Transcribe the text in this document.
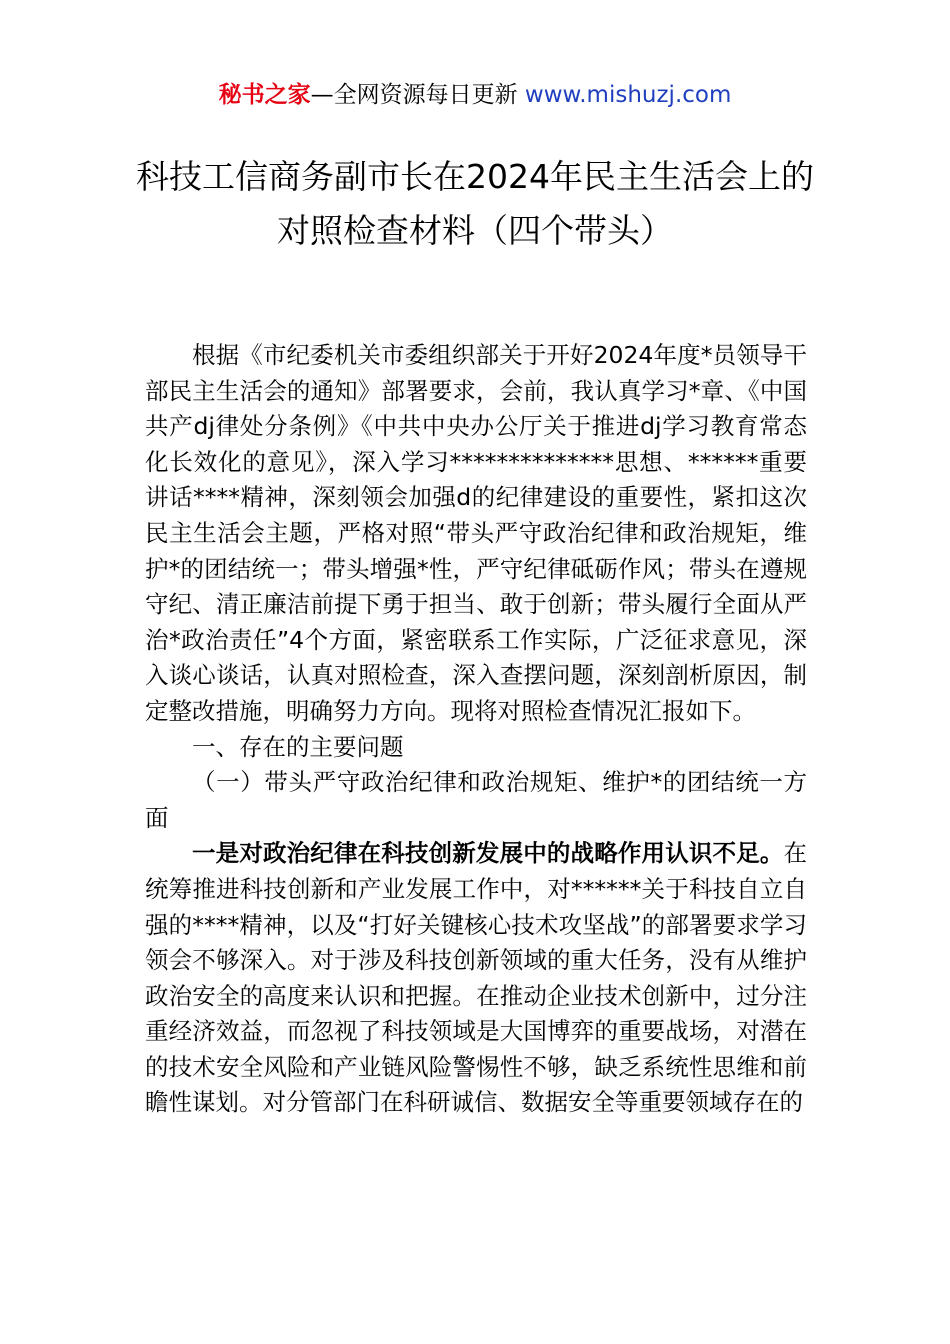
秘书之家—全网资源每日更新 www.mishuzj.com
科技工信商务副市长在2024年民主生活会上的对照检查材料（四个带头）

根据《市纪委机关市委组织部关于开好2024年度*员领导干部民主生活会的通知》部署要求，会前，我认真学习*章、《中国共产dj律处分条例》《中共中央办公厅关于推进dj学习教育常态化长效化的意见》，深入学习**************思想、******重要讲话****精神，深刻领会加强d的纪律建设的重要性，紧扣这次民主生活会主题，严格对照“带头严守政治纪律和政治规矩，维护*的团结统一；带头增强*性，严守纪律砥砺作风；带头在遵规守纪、清正廉洁前提下勇于担当、敢于创新；带头履行全面从严治*政治责任”4个方面，紧密联系工作实际，广泛征求意见，深入谈心谈话，认真对照检查，深入查摆问题，深刻剖析原因，制定整改措施，明确努力方向。现将对照检查情况汇报如下。

一、存在的主要问题

（一）带头严守政治纪律和政治规矩、维护*的团结统一方面

一是对政治纪律在科技创新发展中的战略作用认识不足。在统筹推进科技创新和产业发展工作中，对******关于科技自立自强的****精神，以及“打好关键核心技术攻坚战”的部署要求学习领会不够深入。对于涉及科技创新领域的重大任务，没有从维护政治安全的高度来认识和把握。在推动企业技术创新中，过分注重经济效益，而忽视了科技领域是大国博弈的重要战场，对潜在的技术安全风险和产业链风险警惕性不够，缺乏系统性思维和前瞻性谋划。对分管部门在科研诚信、数据安全等重要领域存在的
